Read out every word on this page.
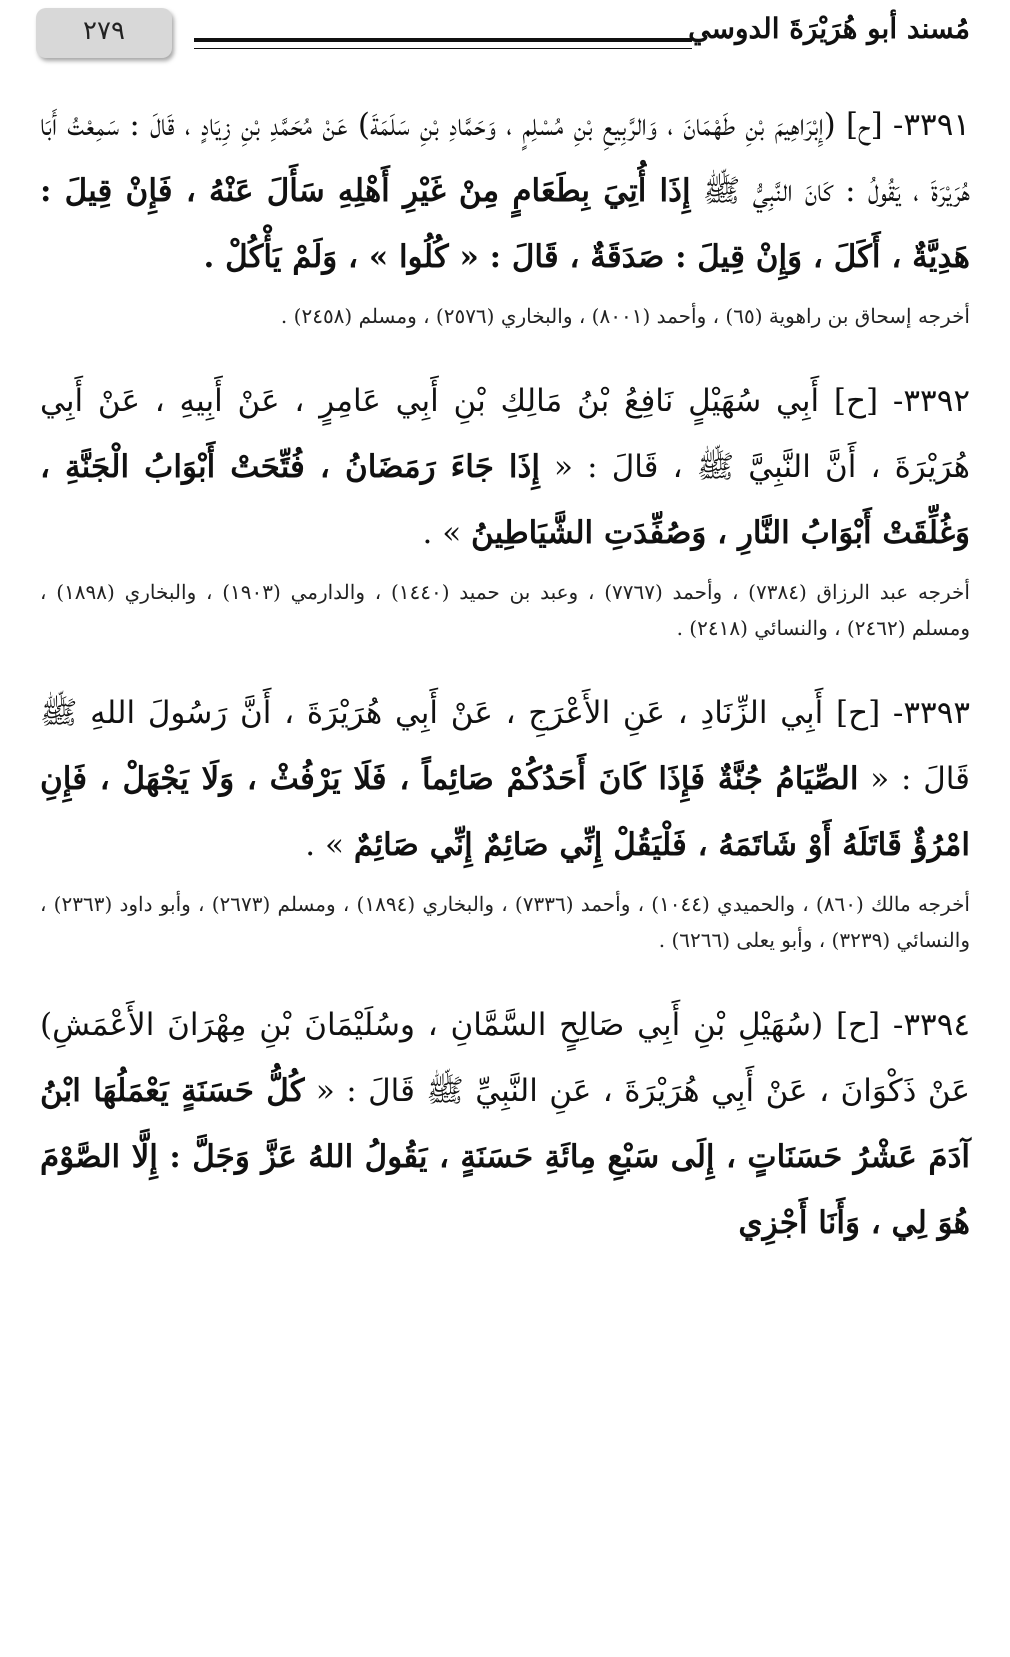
٢٧٩	مُسند أبو هُرَيْرَةَ الدوسي
٣٣٩١- [ح] (إِبْرَاهِيمَ بْنِ طَهْمَانَ ، وَالرَّبِيعِ بْنِ مُسْلِمٍ ، وَحَمَّادِ بْنِ سَلَمَةَ) عَنْ مُحَمَّدِ بْنِ زِيَادٍ ، قَالَ : سَمِعْتُ أَبَا هُرَيْرَةَ ، يَقُولُ : كَانَ النَّبِيُّ ﷺ إِذَا أُتِيَ بِطَعَامٍ مِنْ غَيْرِ أَهْلِهِ سَأَلَ عَنْهُ ، فَإِنْ قِيلَ : هَدِيَّةٌ ، أَكَلَ ، وَإِنْ قِيلَ : صَدَقَةٌ ، قَالَ : « كُلُوا » ، وَلَمْ يَأْكُلْ .
أخرجه إسحاق بن راهوية (٦٥) ، وأحمد (٨٠٠١) ، والبخاري (٢٥٧٦) ، ومسلم (٢٤٥٨) .
٣٣٩٢- [ح] أَبِي سُهَيْلٍ نَافِعُ بْنُ مَالِكِ بْنِ أَبِي عَامِرٍ ، عَنْ أَبِيهِ ، عَنْ أَبِي هُرَيْرَةَ ، أَنَّ النَّبِيَّ ﷺ ، قَالَ : « إِذَا جَاءَ رَمَضَانُ ، فُتِّحَتْ أَبْوَابُ الْجَنَّةِ ، وَغُلِّقَتْ أَبْوَابُ النَّارِ ، وَصُفِّدَتِ الشَّيَاطِينُ » .
أخرجه عبد الرزاق (٧٣٨٤) ، وأحمد (٧٧٦٧) ، وعبد بن حميد (١٤٤٠) ، والدارمي (١٩٠٣) ، والبخاري (١٨٩٨) ، ومسلم (٢٤٦٢) ، والنسائي (٢٤١٨) .
٣٣٩٣- [ح] أَبِي الزِّنَادِ ، عَنِ الأَعْرَجِ ، عَنْ أَبِي هُرَيْرَةَ ، أَنَّ رَسُولَ اللهِ ﷺ قَالَ : « الصِّيَامُ جُنَّةٌ فَإِذَا كَانَ أَحَدُكُمْ صَائِماً ، فَلَا يَرْفُثْ ، وَلَا يَجْهَلْ ، فَإِنِ امْرُؤٌ قَاتَلَهُ أَوْ شَاتَمَهُ ، فَلْيَقُلْ إِنِّي صَائِمٌ إِنِّي صَائِمٌ » .
أخرجه مالك (٨٦٠) ، والحميدي (١٠٤٤) ، وأحمد (٧٣٣٦) ، والبخاري (١٨٩٤) ، ومسلم (٢٦٧٣) ، وأبو داود (٢٣٦٣) ، والنسائي (٣٢٣٩) ، وأبو يعلى (٦٢٦٦) .
٣٣٩٤- [ح] (سُهَيْلِ بْنِ أَبِي صَالِحٍ السَّمَّانِ ، وسُلَيْمَانَ بْنِ مِهْرَانَ الأَعْمَشِ) عَنْ ذَكْوَانَ ، عَنْ أَبِي هُرَيْرَةَ ، عَنِ النَّبِيِّ ﷺ قَالَ : « كُلُّ حَسَنَةٍ يَعْمَلُهَا ابْنُ آدَمَ عَشْرُ حَسَنَاتٍ ، إِلَى سَبْعِ مِائَةِ حَسَنَةٍ ، يَقُولُ اللهُ عَزَّ وَجَلَّ : إِلَّا الصَّوْمَ هُوَ لِي ، وَأَنَا أَجْزِي
